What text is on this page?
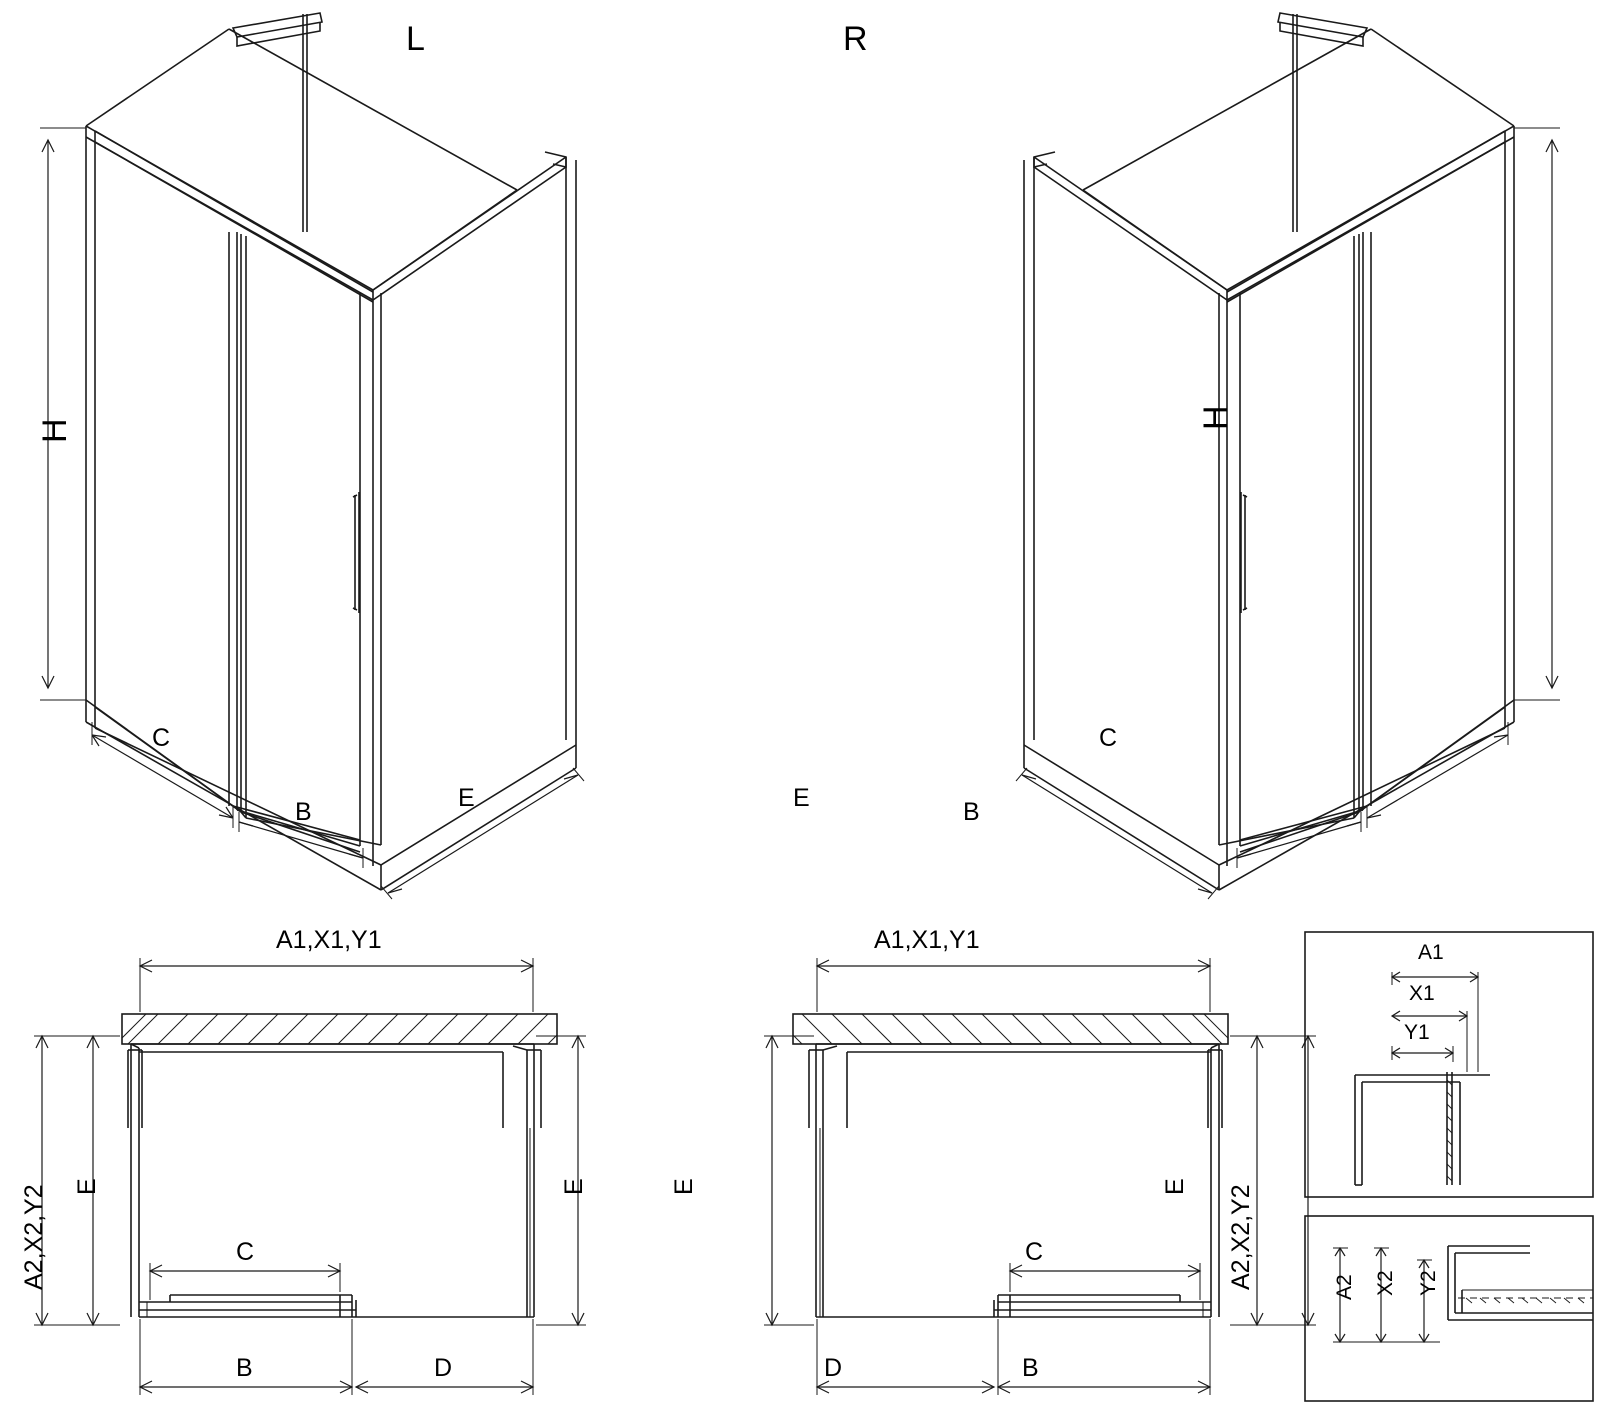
L
H
C
B	E
R
H
C
B
E
A1,X1,Y1
A2,X2,Y2 E	E
C
B	D
A1,X1,Y1
A2,X2,Y2
E	E
C
B
D
A1
X1
Y1
A2 X2 Y2
